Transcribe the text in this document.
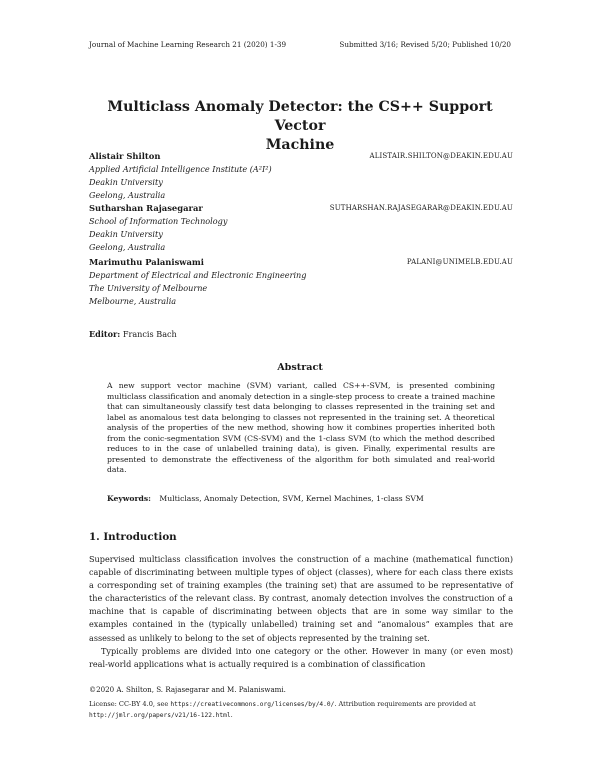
Journal of Machine Learning Research 21 (2020) 1-39	Submitted 3/16; Revised 5/20; Published 10/20
Multiclass Anomaly Detector: the CS++ Support Vector
Machine
Alistair Shilton	ALISTAIR.SHILTON@DEAKIN.EDU.AU
Applied Artificial Intelligence Institute (A²I²)
Deakin University
Geelong, Australia
Sutharshan Rajasegarar	SUTHARSHAN.RAJASEGARAR@DEAKIN.EDU.AU
School of Information Technology
Deakin University
Geelong, Australia
Marimuthu Palaniswami	PALANI@UNIMELB.EDU.AU
Department of Electrical and Electronic Engineering
The University of Melbourne
Melbourne, Australia
Editor: Francis Bach
Abstract
A new support vector machine (SVM) variant, called CS++-SVM, is presented combining multiclass classification and anomaly detection in a single-step process to create a trained machine that can simultaneously classify test data belonging to classes represented in the training set and label as anomalous test data belonging to classes not represented in the training set. A theoretical analysis of the properties of the new method, showing how it combines properties inherited both from the conic-segmentation SVM (CS-SVM) and the 1-class SVM (to which the method described reduces to in the case of unlabelled training data), is given. Finally, experimental results are presented to demonstrate the effectiveness of the algorithm for both simulated and real-world data.
Keywords: Multiclass, Anomaly Detection, SVM, Kernel Machines, 1-class SVM
1. Introduction
Supervised multiclass classification involves the construction of a machine (mathematical function) capable of discriminating between multiple types of object (classes), where for each class there exists a corresponding set of training examples (the training set) that are assumed to be representative of the characteristics of the relevant class. By contrast, anomaly detection involves the construction of a machine that is capable of discriminating between objects that are in some way similar to the examples contained in the (typically unlabelled) training set and “anomalous” examples that are assessed as unlikely to belong to the set of objects represented by the training set.
Typically problems are divided into one category or the other. However in many (or even most) real-world applications what is actually required is a combination of classification
©2020 A. Shilton, S. Rajasegarar and M. Palaniswami.
License: CC-BY 4.0, see https://creativecommons.org/licenses/by/4.0/. Attribution requirements are provided at http://jmlr.org/papers/v21/16-122.html.
